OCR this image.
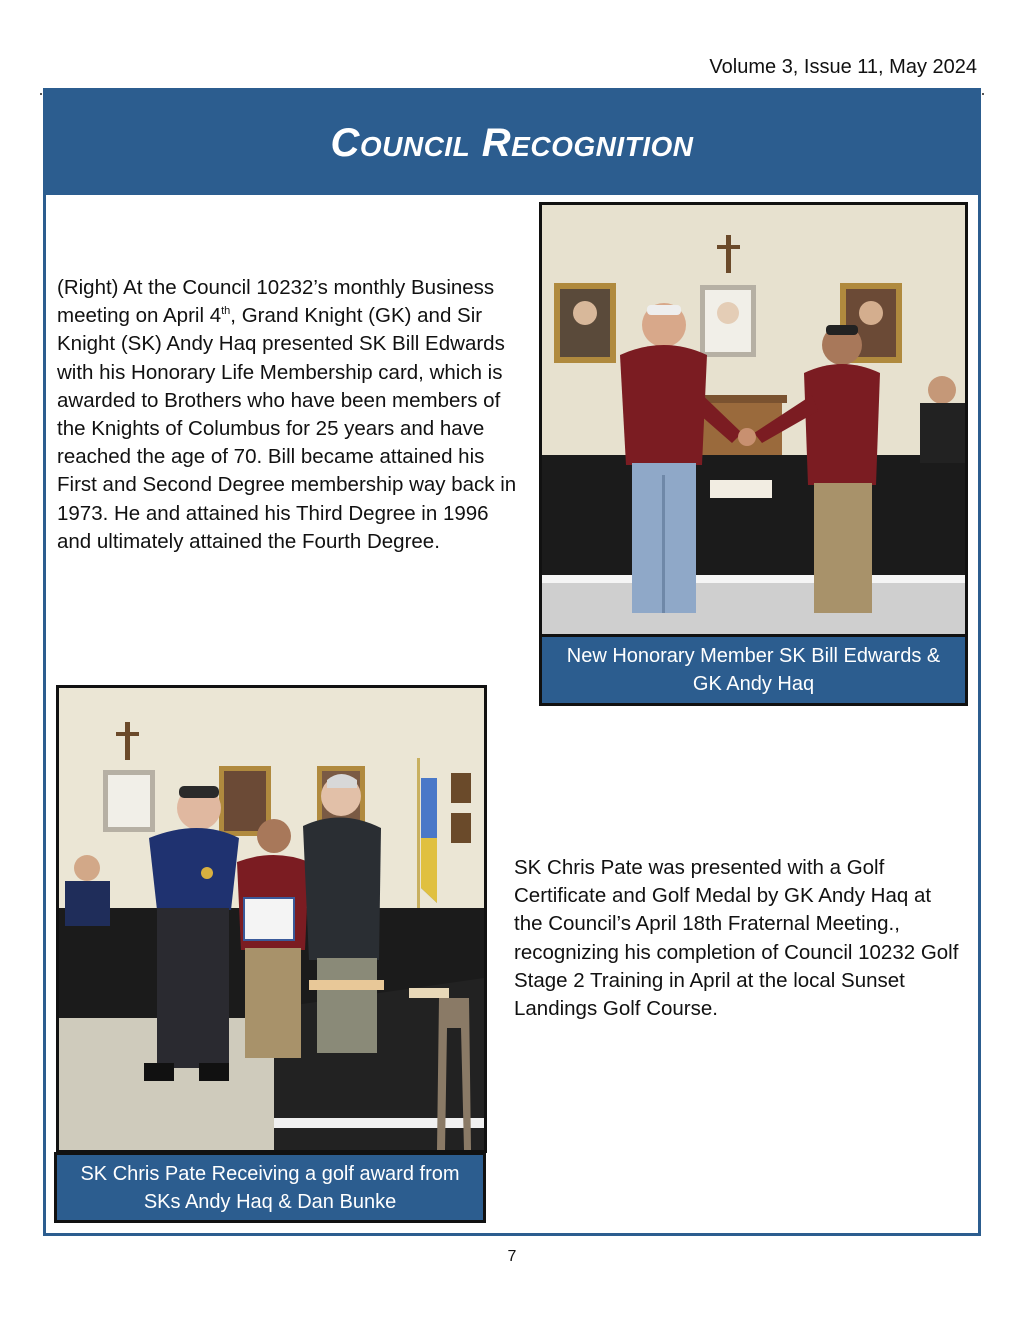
Volume 3, Issue 11, May 2024
Council Recognition
(Right) At the Council 10232’s monthly Business meeting on April 4th, Grand Knight (GK) and Sir Knight (SK) Andy Haq presented SK Bill Edwards with his Honorary Life Membership card, which is awarded to Brothers who have been members of the Knights of Columbus for 25 years and have reached the age of 70. Bill became attained his First and Second Degree membership way back in 1973. He and attained his Third Degree in 1996 and ultimately attained the Fourth Degree.
New Honorary Member SK Bill Edwards & GK Andy Haq
SK Chris Pate Receiving a golf award from SKs Andy Haq & Dan Bunke
SK Chris Pate was presented with a Golf Certificate and Golf Medal by GK Andy Haq at the Council’s April 18th Fraternal Meeting., recognizing his completion of Council 10232 Golf Stage 2 Training in April at the local Sunset Landings Golf Course.
7
